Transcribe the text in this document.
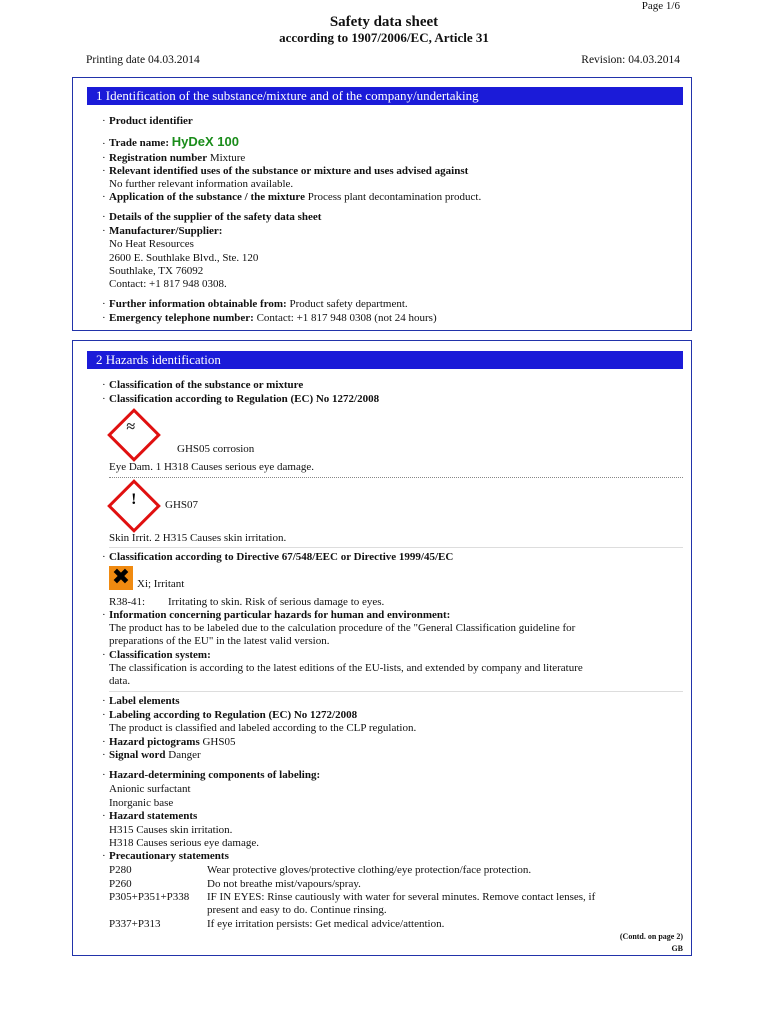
Page 1/6
Safety data sheet
according to 1907/2006/EC, Article 31
Printing date 04.03.2014	Revision: 04.03.2014
1 Identification of the substance/mixture and of the company/undertaking
· Product identifier
· Trade name: HyDeX 100
· Registration number Mixture
· Relevant identified uses of the substance or mixture and uses advised against
No further relevant information available.
· Application of the substance / the mixture Process plant decontamination product.
· Details of the supplier of the safety data sheet
· Manufacturer/Supplier:
No Heat Resources
2600 E. Southlake Blvd., Ste. 120
Southlake, TX 76092
Contact: +1 817 948 0308.
· Further information obtainable from: Product safety department.
· Emergency telephone number: Contact: +1 817 948 0308 (not 24 hours)
2 Hazards identification
· Classification of the substance or mixture
· Classification according to Regulation (EC) No 1272/2008
≈
GHS05 corrosion
Eye Dam. 1 H318 Causes serious eye damage.
!	GHS07
Skin Irrit. 2 H315 Causes skin irritation.
· Classification according to Directive 67/548/EEC or Directive 1999/45/EC
✖ Xi; Irritant
R38-41: Irritating to skin. Risk of serious damage to eyes.
· Information concerning particular hazards for human and environment:
The product has to be labeled due to the calculation procedure of the "General Classification guideline for
preparations of the EU" in the latest valid version.
· Classification system:
The classification is according to the latest editions of the EU-lists, and extended by company and literature
data.
· Label elements
· Labeling according to Regulation (EC) No 1272/2008
The product is classified and labeled according to the CLP regulation.
· Hazard pictograms GHS05
· Signal word Danger
· Hazard-determining components of labeling:
Anionic surfactant
Inorganic base
· Hazard statements
H315 Causes skin irritation.
H318 Causes serious eye damage.
· Precautionary statements
P280	Wear protective gloves/protective clothing/eye protection/face protection.
P260	Do not breathe mist/vapours/spray.
P305+P351+P338 IF IN EYES: Rinse cautiously with water for several minutes. Remove contact lenses, if
present and easy to do. Continue rinsing.
P337+P313	If eye irritation persists: Get medical advice/attention.
(Contd. on page 2)
GB
